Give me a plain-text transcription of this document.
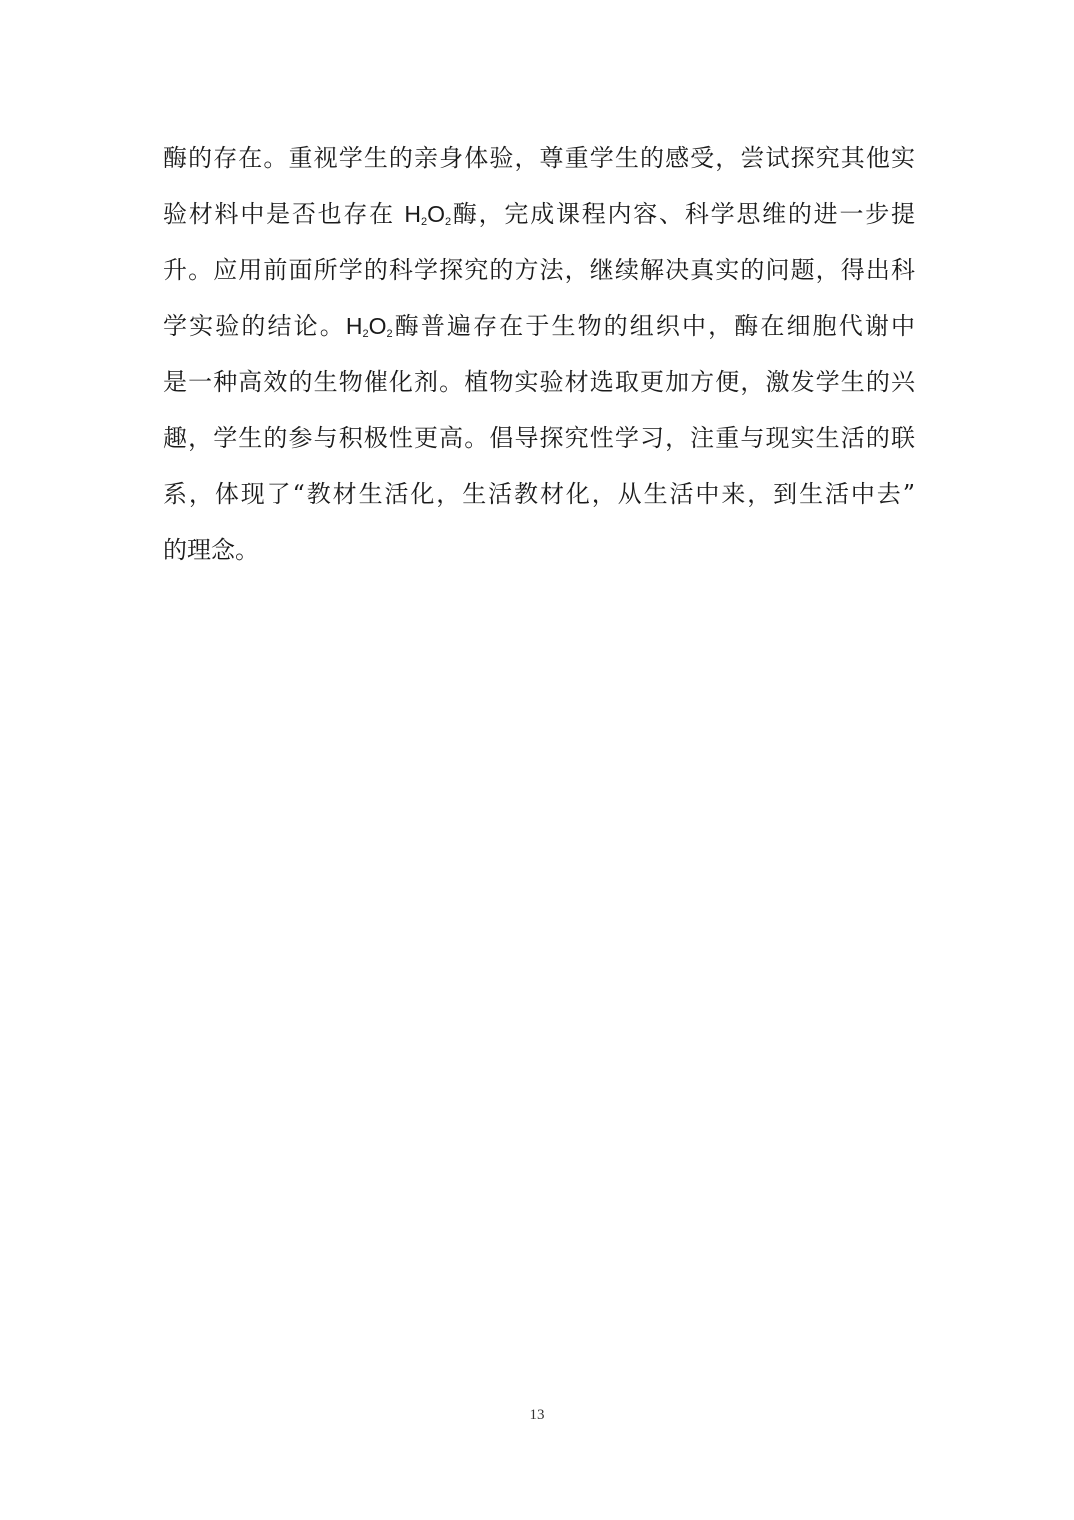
酶的存在。重视学生的亲身体验，尊重学生的感受，尝试探究其他实
验材料中是否也存在 $H_2O_2$酶，完成课程内容、科学思维的进一步提
升。应用前面所学的科学探究的方法，继续解决真实的问题，得出科
学实验的结论。$H_2O_2$酶普遍存在于生物的组织中，酶在细胞代谢中
是一种高效的生物催化剂。植物实验材选取更加方便，激发学生的兴
趣，学生的参与积极性更高。倡导探究性学习，注重与现实生活的联
系，体现了“教材生活化，生活教材化，从生活中来，到生活中去”
的理念。
13
